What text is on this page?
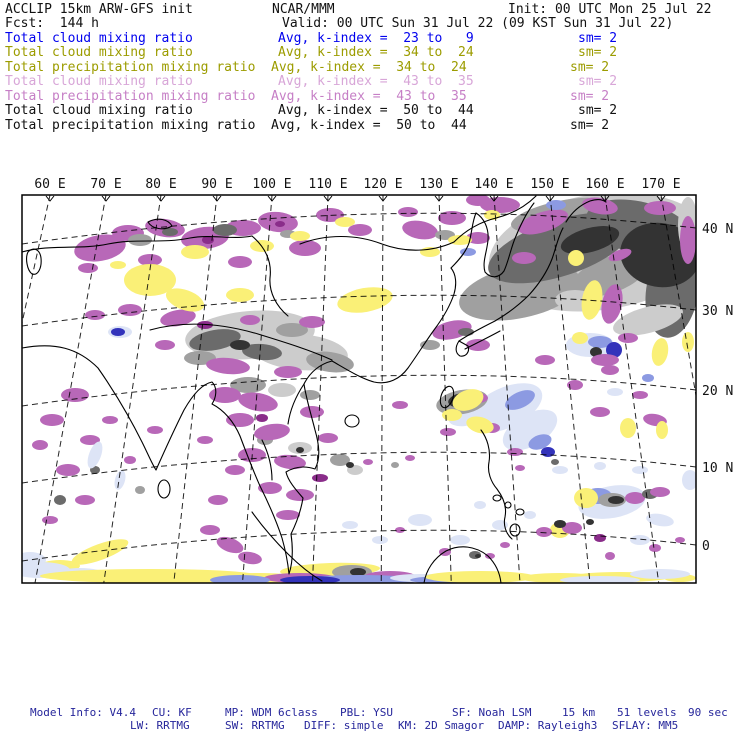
ACCLIP 15km ARW-GFS init	NCAR/MMM	Init: 00 UTC Mon 25 Jul 22
Fcst:  144 h	Valid: 00 UTC Sun 31 Jul 22 (09 KST Sun 31 Jul 22)
Total cloud mixing ratio	Avg, k-index =  23 to   9	sm= 2
Total cloud mixing ratio	Avg, k-index =  34 to  24	sm= 2
Total precipitation mixing ratio Avg, k-index =  34 to  24	sm= 2
Total cloud mixing ratio	Avg, k-index =  43 to  35	sm= 2
Total precipitation mixing ratio Avg, k-index =  43 to  35	sm= 2
Total cloud mixing ratio	Avg, k-index =  50 to  44	sm= 2
Total precipitation mixing ratio Avg, k-index =  50 to  44	sm= 2
60 E 70 E 80 E 90 E 100 E 110 E 120 E 130 E 140 E 150 E 160 E 170 E
40 N
30 N
20 N
10 N
0
Model Info: V4.4 CU: KF	MP: WDM 6class PBL: YSU	SF: Noah LSM	15 km 51 levels 90 sec
LW: RRTMG	SW: RRTMG DIFF: simple KM: 2D Smagor DAMP: Rayleigh3 SFLAY: MM5
